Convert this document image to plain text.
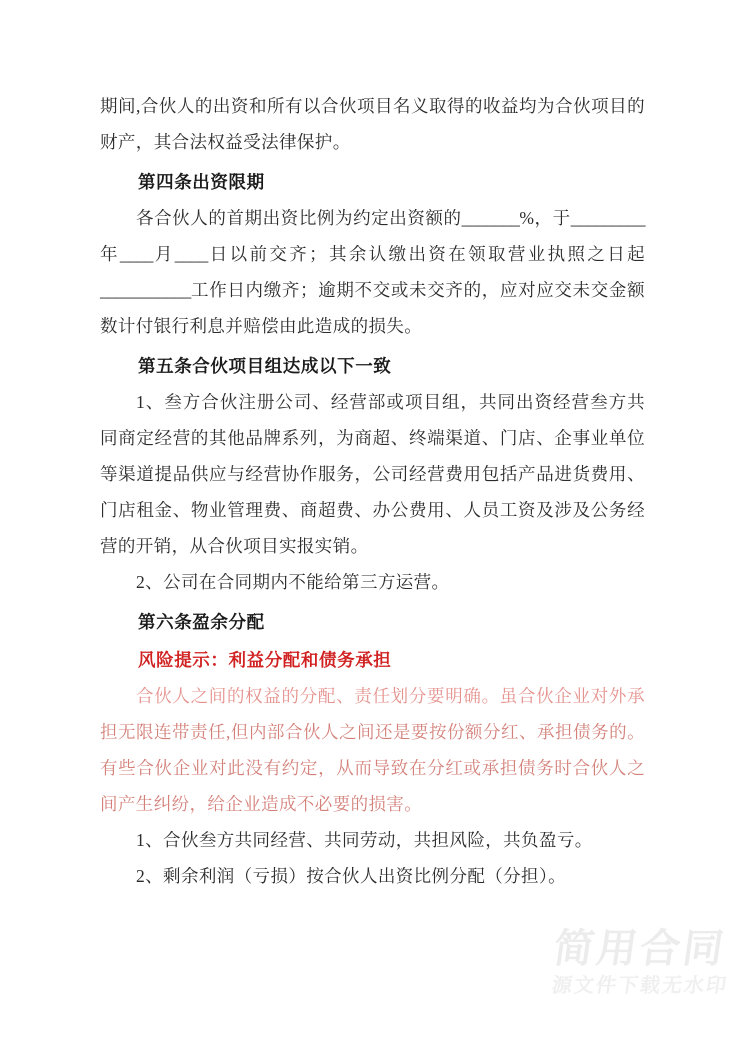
期间,合伙人的出资和所有以合伙项目名义取得的收益均为合伙项目的财产，其合法权益受法律保护。

第四条出资限期

各合伙人的首期出资比例为约定出资额的_______%，于_________年____月____日以前交齐；其余认缴出资在领取营业执照之日起___________工作日内缴齐；逾期不交或未交齐的，应对应交未交金额数计付银行利息并赔偿由此造成的损失。

第五条合伙项目组达成以下一致

1、叁方合伙注册公司、经营部或项目组，共同出资经营叁方共同商定经营的其他品牌系列，为商超、终端渠道、门店、企事业单位等渠道提品供应与经营协作服务，公司经营费用包括产品进货费用、门店租金、物业管理费、商超费、办公费用、人员工资及涉及公务经营的开销，从合伙项目实报实销。

2、公司在合同期内不能给第三方运营。

第六条盈余分配
风险提示：利益分配和债务承担

合伙人之间的权益的分配、责任划分要明确。虽合伙企业对外承担无限连带责任,但内部合伙人之间还是要按份额分红、承担债务的。有些合伙企业对此没有约定，从而导致在分红或承担债务时合伙人之间产生纠纷，给企业造成不必要的损害。

1、合伙叁方共同经营、共同劳动，共担风险，共负盈亏。

2、剩余利润（亏损）按合伙人出资比例分配（分担）。

简用合同
源文件下载无水印
